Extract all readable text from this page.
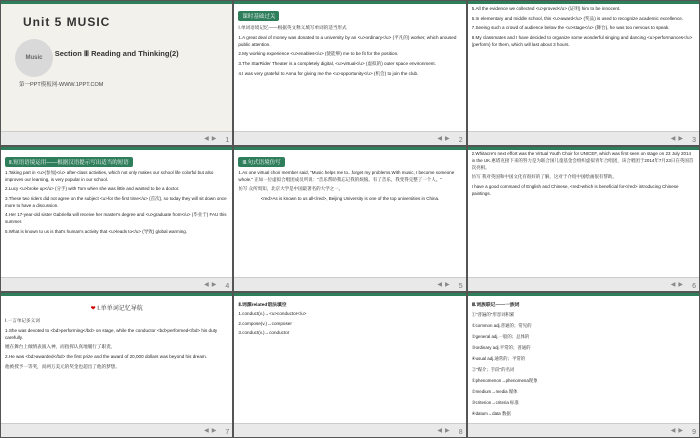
Unit 5 MUSIC
Music	Section Ⅲ Reading and Thinking(2)
第一PPT模板网-WWW.1PPT.COM
◀ ▶ 1
课时基础过关

Ⅰ.单词语境记忆——根据英文释义填写单词的适当形式

1.A great deal of money was donated to a university by an <u>ordinary</u> (平凡的) worker, which aroused public attention.

2.My working experience <u>enables</u> (使能够) me to be fit for the position.

3.The StarRider Theater is a completely digital, <u>virtual</u> (虚拟的) outer space environment.

4.I was very grateful to Anna for giving me the <u>opportunity</u> (机会) to join the club.

◀ ▶ 2

5.All the evidence we collected <u>proved</u> (证明) him to be innocent.

6.In elementary and middle school, this <u>award</u> (奖品) is used to recognize academic excellence.

7.Seeing such a crowd of audience below the <u>stage</u> (舞台), he was too nervous to speak.

8.My classmates and I have decided to organize some wonderful singing and dancing <u>performances</u> (perform) for them, which will last about 3 hours.

◀ ▶ 3
Ⅱ.短语语境运用——根据汉语提示写出适当的短语

1.Taking part in <u>(参加)</u> after-class activities, which not only makes our school life colorful but also improves our learning, is very popular in our school.

2.Lucy <u>broke up</u> (分手) with Tom when she was little and wanted to be a doctor.

3.These two riders did not agree on the subject <u>for the first time</u> (首次), so today they will sit down once more to have a discussion.

4.Her 17-year-old sister Gabriella will receive her master's degree and <u>graduate from</u> (毕业于) FAU this summer.

5.What is known to us is that's human's activity that <u>leads to</u> (导致) global warming.

◀ ▶ 4
Ⅲ.句式语境仿写

1.As one virtual choir member said, "Music helps me to...forget my problems.With music, I become someone whole." 正如一位虚拟合唱团成员所说："音乐帮助我忘记我的烦恼。有了音乐，我变得完整了一个人。"

仿写 众所周知，北京大学是中国最著名的大学之一。

<red>As is known to us all</red>, Beijing University is one of the top universities in China.

◀ ▶ 5

2.Whitacre's next effort was the Virtual Youth Choir for UNICEF, which was first seen on stage on 23 July 2014 in the UK.惠塔克接下来的努力是为联合国儿童基金会组织虚拟青年合唱团，该合唱团于2014年7月23日在英国首次亮相。

仿写 我对英国和中国文化有很好的了解，这对于介绍中国绘画很有帮助。

I have a good command of English and Chinese, <red>which is beneficial for</red> introducing Chinese paintings.

◀ ▶ 6
❤ Ⅰ.单单词记忆导航

Ⅰ.一言单记多义词

1.She was devoted to <bd>performing</bd> on stage, while the conductor <bd>performed</bd> his duty carefully.

她在舞台上倾情表演入神，而指挥认真地履行了职责。

2.He was <bd>awarded</bd> the first prize and the award of 20,000 dollars was beyond his dream.

他被授予一等奖，而两万美元的奖金也超出了他的梦想。

◀ ▶ 7

Ⅱ.词源related语法填空

1.conduct(v.)→<u>conductor</u>

2.compose(v.)→composer

3.conduct(v.)→conductor

◀ ▶ 8

Ⅲ.词族联记——一族词

①"普遍的"形容词积累

①common adj.普通的；常见的

②general adj.一般的；总体的

③ordinary adj.平常的；普通的

④usual adj.通常的；平常的

②"媒介；手段"的名词

①phenomenon→phenomena现象

②medium→media 媒体

③criterion→criteria 标准

④datum→data 数据

◀ ▶ 9
